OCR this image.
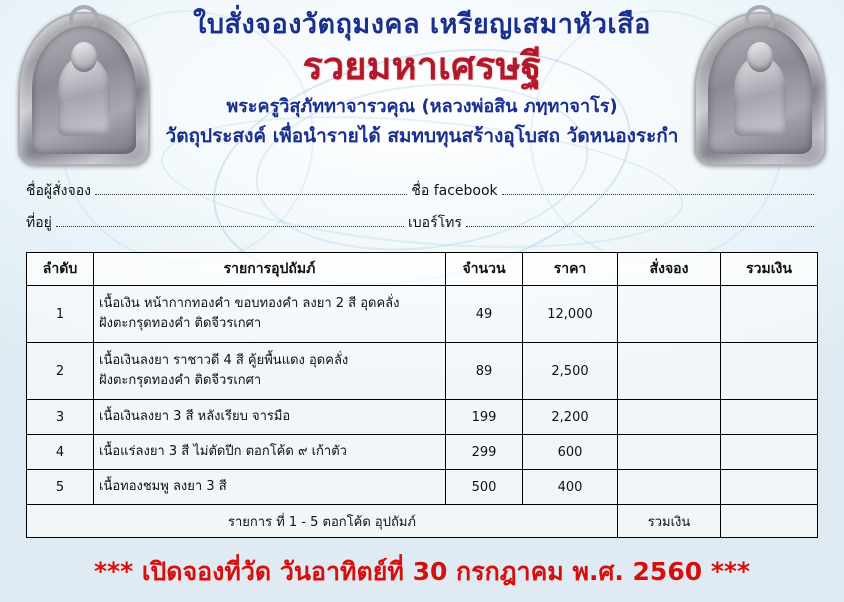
ใบสั่งจองวัตถุมงคล เหรียญเสมาหัวเสือ
รวยมหาเศรษฐี
พระครูวิสุภัททาจารวคุณ (หลวงพ่อสิน ภทฺทาจาโร)
วัตถุประสงค์ เพื่อนำรายได้ สมทบทุนสร้างอุโบสถ วัดหนองระกำ
ชื่อผู้สั่งจอง	ชื่อ facebook
ที่อยู่	เบอร์โทร
ลำดับ	รายการอุปถัมภ์	จำนวน	ราคา	สั่งจอง	รวมเงิน
1	เนื้อเงิน หน้ากากทองคำ ขอบทองคำ ลงยา 2 สี อุดคลั่ง
ฝังตะกรุดทองคำ ติดจีวรเกศา	49	12,000		
2	เนื้อเงินลงยา ราชาวดี 4 สี คู้ยพื้นแดง อุดคลั่ง
ฝังตะกรุดทองคำ ติดจีวรเกศา	89	2,500		
3	เนื้อเงินลงยา 3 สี หลังเรียบ จารมือ	199	2,200		
4	เนื้อแร่ลงยา 3 สี ไม่ตัดปีก ตอกโค้ด ๙ เก้าตัว	299	600		
5	เนื้อทองชมพู ลงยา 3 สี	500	400		
รายการ ที่ 1 - 5 ตอกโค้ด อุปถัมภ์				รวมเงิน	
*** เปิดจองที่วัด วันอาทิตย์ที่ 30 กรกฎาคม พ.ศ. 2560 ***
